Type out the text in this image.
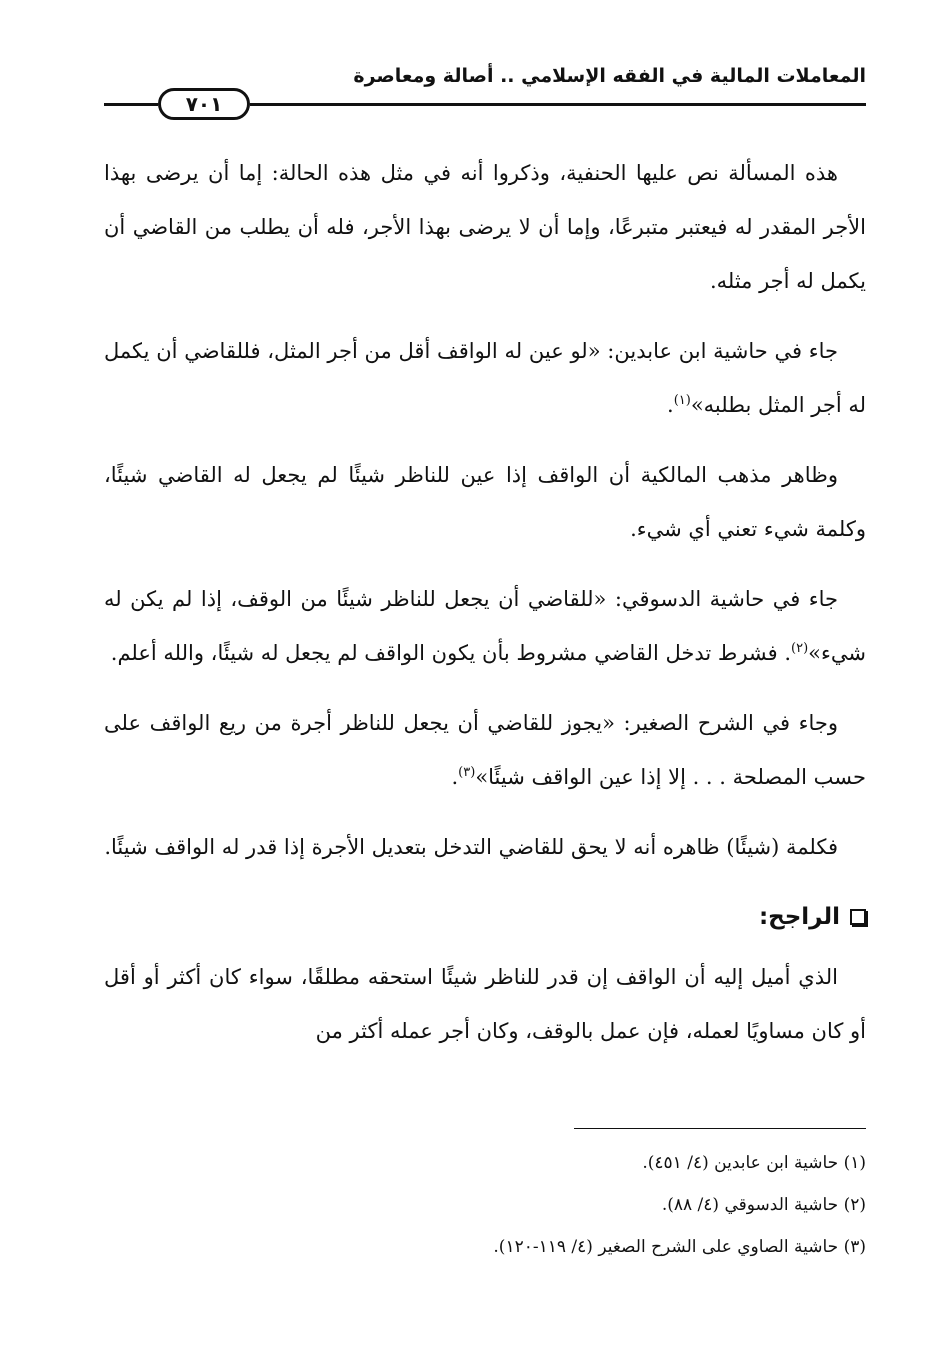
المعاملات المالية في الفقه الإسلامي .. أصالة ومعاصرة
٧٠١

هذه المسألة نص عليها الحنفية، وذكروا أنه في مثل هذه الحالة: إما أن يرضى بهذا الأجر المقدر له فيعتبر متبرعًا، وإما أن لا يرضى بهذا الأجر، فله أن يطلب من القاضي أن يكمل له أجر مثله.

جاء في حاشية ابن عابدين: «لو عين له الواقف أقل من أجر المثل، فللقاضي أن يكمل له أجر المثل بطلبه»$^{(١)}$.

وظاهر مذهب المالكية أن الواقف إذا عين للناظر شيئًا لم يجعل له القاضي شيئًا، وكلمة شيء تعني أي شيء.

جاء في حاشية الدسوقي: «للقاضي أن يجعل للناظر شيئًا من الوقف، إذا لم يكن له شيء»$^{(٢)}$. فشرط تدخل القاضي مشروط بأن يكون الواقف لم يجعل له شيئًا، والله أعلم.

وجاء في الشرح الصغير: «يجوز للقاضي أن يجعل للناظر أجرة من ريع الواقف على حسب المصلحة . . . إلا إذا عين الواقف شيئًا»$^{(٣)}$.

فكلمة (شيئًا) ظاهره أنه لا يحق للقاضي التدخل بتعديل الأجرة إذا قدر له الواقف شيئًا.

الراجح:

الذي أميل إليه أن الواقف إن قدر للناظر شيئًا استحقه مطلقًا، سواء كان أكثر أو أقل أو كان مساويًا لعمله، فإن عمل بالوقف، وكان أجر عمله أكثر من

(١) حاشية ابن عابدين (٤/ ٤٥١).
(٢) حاشية الدسوقي (٤/ ٨٨).
(٣) حاشية الصاوي على الشرح الصغير (٤/ ١١٩-١٢٠).
